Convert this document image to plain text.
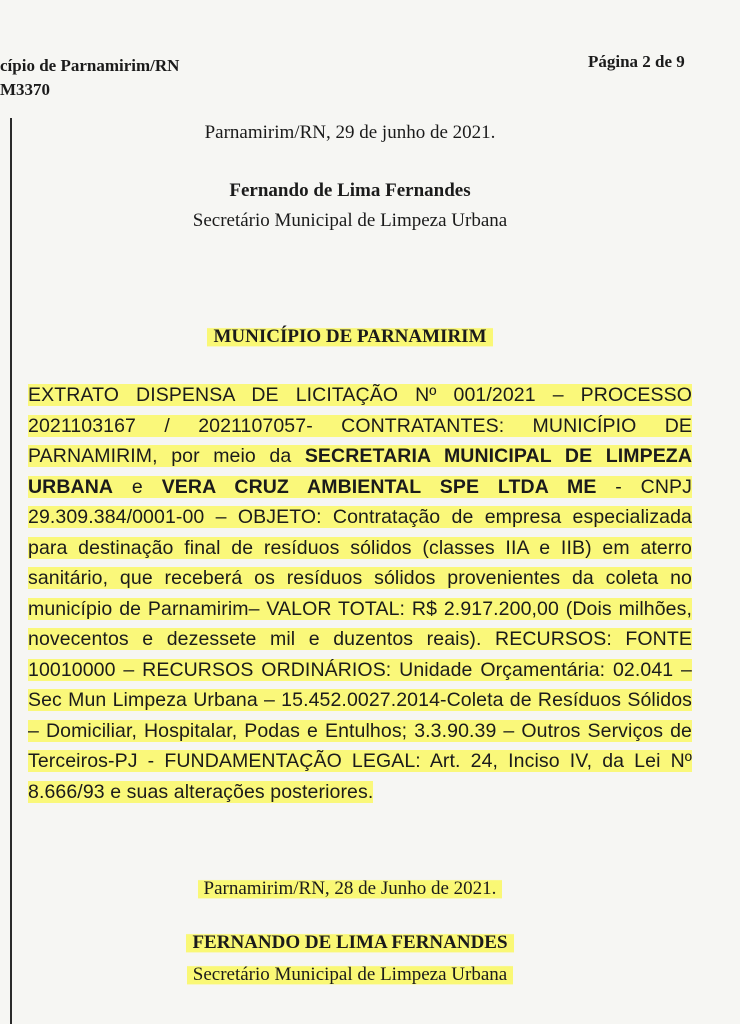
cípio de Parnamirim/RN
M3370
Página 2 de 9
Parnamirim/RN, 29 de junho de 2021.
Fernando de Lima Fernandes
Secretário Municipal de Limpeza Urbana
MUNICÍPIO DE PARNAMIRIM
EXTRATO DISPENSA DE LICITAÇÃO Nº 001/2021 – PROCESSO 2021103167 / 2021107057- CONTRATANTES: MUNICÍPIO DE PARNAMIRIM, por meio da SECRETARIA MUNICIPAL DE LIMPEZA URBANA e VERA CRUZ AMBIENTAL SPE LTDA ME - CNPJ 29.309.384/0001-00 – OBJETO: Contratação de empresa especializada para destinação final de resíduos sólidos (classes IIA e IIB) em aterro sanitário, que receberá os resíduos sólidos provenientes da coleta no município de Parnamirim– VALOR TOTAL: R$ 2.917.200,00 (Dois milhões, novecentos e dezessete mil e duzentos reais). RECURSOS: FONTE 10010000 – RECURSOS ORDINÁRIOS: Unidade Orçamentária: 02.041 – Sec Mun Limpeza Urbana – 15.452.0027.2014-Coleta de Resíduos Sólidos – Domiciliar, Hospitalar, Podas e Entulhos; 3.3.90.39 – Outros Serviços de Terceiros-PJ - FUNDAMENTAÇÃO LEGAL: Art. 24, Inciso IV, da Lei Nº 8.666/93 e suas alterações posteriores.
Parnamirim/RN, 28 de Junho de 2021.
FERNANDO DE LIMA FERNANDES
Secretário Municipal de Limpeza Urbana
